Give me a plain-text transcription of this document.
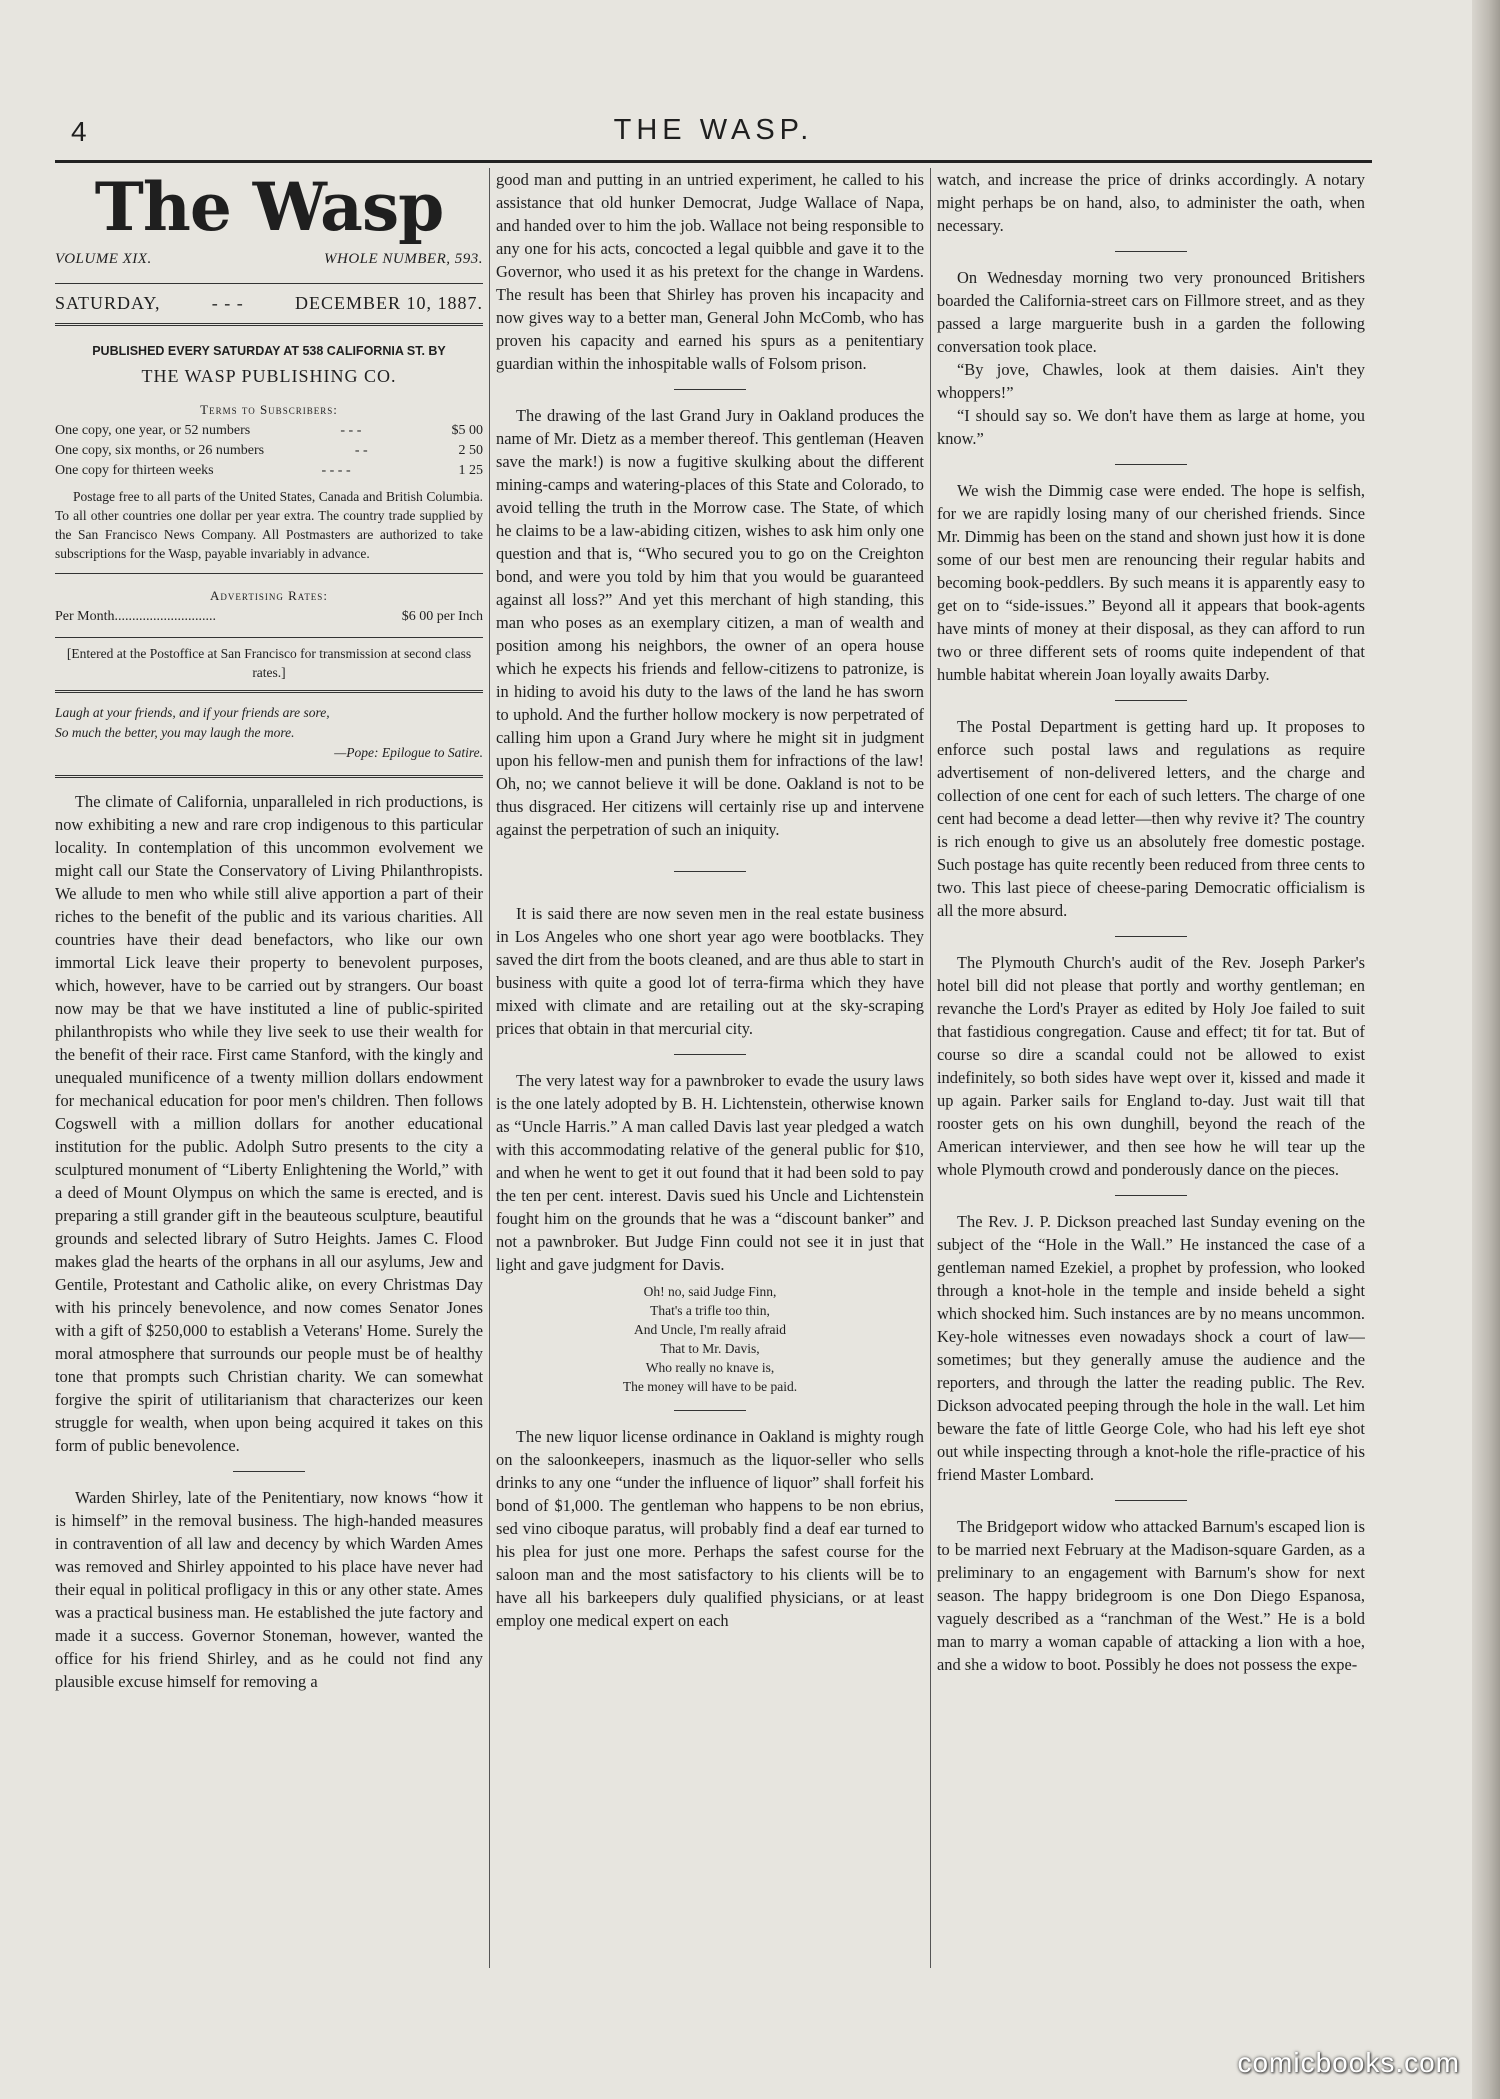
4	THE WASP.
The Wasp
VOLUME XIX.	WHOLE NUMBER, 593.
SATURDAY,	- - -	DECEMBER 10, 1887.
PUBLISHED EVERY SATURDAY AT 538 CALIFORNIA ST. BY
THE WASP PUBLISHING CO.
Terms to Subscribers:
One copy, one year, or 52 numbers	- - -	$5 00
One copy, six months, or 26 numbers	- -	2 50
One copy for thirteen weeks	- - - -	1 25
Postage free to all parts of the United States, Canada and British Columbia. To all other countries one dollar per year extra. The country trade supplied by the San Francisco News Company. All Postmasters are authorized to take subscriptions for the Wasp, payable invariably in advance.
Advertising Rates:
Per Month.............................	$6 00 per Inch
[Entered at the Postoffice at San Francisco for transmission at second class rates.]
Laugh at your friends, and if your friends are sore,
So much the better, you may laugh the more.
—Pope: Epilogue to Satire.

The climate of California, unparalleled in rich productions, is now exhibiting a new and rare crop indigenous to this particular locality. In contemplation of this uncommon evolvement we might call our State the Conservatory of Living Philanthropists. We allude to men who while still alive apportion a part of their riches to the benefit of the public and its various charities. All countries have their dead benefactors, who like our own immortal Lick leave their property to benevolent purposes, which, however, have to be carried out by strangers. Our boast now may be that we have instituted a line of public-spirited philanthropists who while they live seek to use their wealth for the benefit of their race. First came Stanford, with the kingly and unequaled munificence of a twenty million dollars endowment for mechanical education for poor men's children. Then follows Cogswell with a million dollars for another educational institution for the public. Adolph Sutro presents to the city a sculptured monument of “Liberty Enlightening the World,” with a deed of Mount Olympus on which the same is erected, and is preparing a still grander gift in the beauteous sculpture, beautiful grounds and selected library of Sutro Heights. James C. Flood makes glad the hearts of the orphans in all our asylums, Jew and Gentile, Protestant and Catholic alike, on every Christmas Day with his princely benevolence, and now comes Senator Jones with a gift of $250,000 to establish a Veterans' Home. Surely the moral atmosphere that surrounds our people must be of healthy tone that prompts such Christian charity. We can somewhat forgive the spirit of utilitarianism that characterizes our keen struggle for wealth, when upon being acquired it takes on this form of public benevolence.

Warden Shirley, late of the Penitentiary, now knows “how it is himself” in the removal business. The high-handed measures in contravention of all law and decency by which Warden Ames was removed and Shirley appointed to his place have never had their equal in political profligacy in this or any other state. Ames was a practical business man. He established the jute factory and made it a success. Governor Stoneman, however, wanted the office for his friend Shirley, and as he could not find any plausible excuse himself for removing a

good man and putting in an untried experiment, he called to his assistance that old hunker Democrat, Judge Wallace of Napa, and handed over to him the job. Wallace not being responsible to any one for his acts, concocted a legal quibble and gave it to the Governor, who used it as his pretext for the change in Wardens. The result has been that Shirley has proven his incapacity and now gives way to a better man, General John McComb, who has proven his capacity and earned his spurs as a penitentiary guardian within the inhospitable walls of Folsom prison.

The drawing of the last Grand Jury in Oakland produces the name of Mr. Dietz as a member thereof. This gentleman (Heaven save the mark!) is now a fugitive skulking about the different mining-camps and watering-places of this State and Colorado, to avoid telling the truth in the Morrow case. The State, of which he claims to be a law-abiding citizen, wishes to ask him only one question and that is, “Who secured you to go on the Creighton bond, and were you told by him that you would be guaranteed against all loss?” And yet this merchant of high standing, this man who poses as an exemplary citizen, a man of wealth and position among his neighbors, the owner of an opera house which he expects his friends and fellow-citizens to patronize, is in hiding to avoid his duty to the laws of the land he has sworn to uphold. And the further hollow mockery is now perpetrated of calling him upon a Grand Jury where he might sit in judgment upon his fellow-men and punish them for infractions of the law! Oh, no; we cannot believe it will be done. Oakland is not to be thus disgraced. Her citizens will certainly rise up and intervene against the perpetration of such an iniquity.

It is said there are now seven men in the real estate business in Los Angeles who one short year ago were bootblacks. They saved the dirt from the boots cleaned, and are thus able to start in business with quite a good lot of terra-firma which they have mixed with climate and are retailing out at the sky-scraping prices that obtain in that mercurial city.

The very latest way for a pawnbroker to evade the usury laws is the one lately adopted by B. H. Lichtenstein, otherwise known as “Uncle Harris.” A man called Davis last year pledged a watch with this accommodating relative of the general public for $10, and when he went to get it out found that it had been sold to pay the ten per cent. interest. Davis sued his Uncle and Lichtenstein fought him on the grounds that he was a “discount banker” and not a pawnbroker. But Judge Finn could not see it in just that light and gave judgment for Davis.

Oh! no, said Judge Finn,
That's a trifle too thin,
And Uncle, I'm really afraid
That to Mr. Davis,
Who really no knave is,
The money will have to be paid.

The new liquor license ordinance in Oakland is mighty rough on the saloonkeepers, inasmuch as the liquor-seller who sells drinks to any one “under the influence of liquor” shall forfeit his bond of $1,000. The gentleman who happens to be non ebrius, sed vino ciboque paratus, will probably find a deaf ear turned to his plea for just one more. Perhaps the safest course for the saloon man and the most satisfactory to his clients will be to have all his barkeepers duly qualified physicians, or at least employ one medical expert on each

watch, and increase the price of drinks accordingly. A notary might perhaps be on hand, also, to administer the oath, when necessary.

On Wednesday morning two very pronounced Britishers boarded the California-street cars on Fillmore street, and as they passed a large marguerite bush in a garden the following conversation took place.

“By jove, Chawles, look at them daisies. Ain't they whoppers!”

“I should say so. We don't have them as large at home, you know.”

We wish the Dimmig case were ended. The hope is selfish, for we are rapidly losing many of our cherished friends. Since Mr. Dimmig has been on the stand and shown just how it is done some of our best men are renouncing their regular habits and becoming book-peddlers. By such means it is apparently easy to get on to “side-issues.” Beyond all it appears that book-agents have mints of money at their disposal, as they can afford to run two or three different sets of rooms quite independent of that humble habitat wherein Joan loyally awaits Darby.

The Postal Department is getting hard up. It proposes to enforce such postal laws and regulations as require advertisement of non-delivered letters, and the charge and collection of one cent for each of such letters. The charge of one cent had become a dead letter—then why revive it? The country is rich enough to give us an absolutely free domestic postage. Such postage has quite recently been reduced from three cents to two. This last piece of cheese-paring Democratic officialism is all the more absurd.

The Plymouth Church's audit of the Rev. Joseph Parker's hotel bill did not please that portly and worthy gentleman; en revanche the Lord's Prayer as edited by Holy Joe failed to suit that fastidious congregation. Cause and effect; tit for tat. But of course so dire a scandal could not be allowed to exist indefinitely, so both sides have wept over it, kissed and made it up again. Parker sails for England to-day. Just wait till that rooster gets on his own dunghill, beyond the reach of the American interviewer, and then see how he will tear up the whole Plymouth crowd and ponderously dance on the pieces.

The Rev. J. P. Dickson preached last Sunday evening on the subject of the “Hole in the Wall.” He instanced the case of a gentleman named Ezekiel, a prophet by profession, who looked through a knot-hole in the temple and inside beheld a sight which shocked him. Such instances are by no means uncommon. Key-hole witnesses even nowadays shock a court of law—sometimes; but they generally amuse the audience and the reporters, and through the latter the reading public. The Rev. Dickson advocated peeping through the hole in the wall. Let him beware the fate of little George Cole, who had his left eye shot out while inspecting through a knot-hole the rifle-practice of his friend Master Lombard.

The Bridgeport widow who attacked Barnum's escaped lion is to be married next February at the Madison-square Garden, as a preliminary to an engagement with Barnum's show for next season. The happy bridegroom is one Don Diego Espanosa, vaguely described as a “ranchman of the West.” He is a bold man to marry a woman capable of attacking a lion with a hoe, and she a widow to boot. Possibly he does not possess the expe-

comicbooks.com
